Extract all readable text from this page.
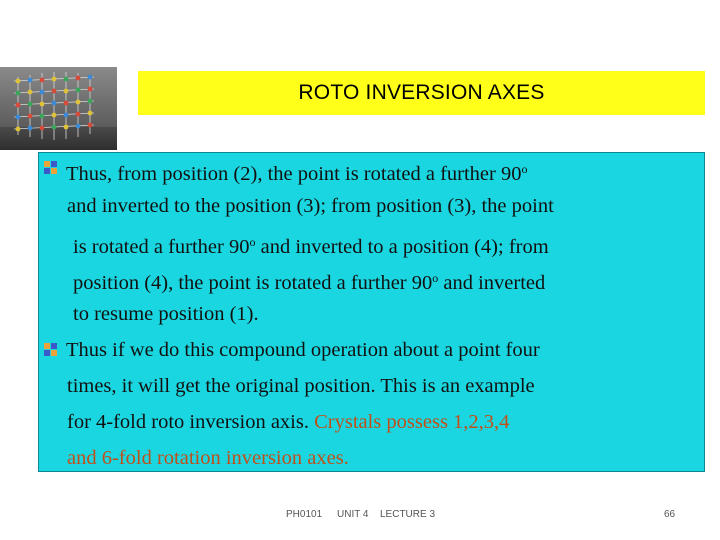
ROTO INVERSION AXES
Thus, from position (2), the point is rotated a further 90$^o$
and inverted to the position (3); from position (3), the point
is rotated a further 90$^o$ and inverted to a position (4); from
position (4), the point is rotated a further 90$^o$ and inverted
to resume position (1).
Thus if we do this compound operation about a point four
times, it will get the original position. This is an example
for 4-fold roto inversion axis. Crystals possess 1,2,3,4
and 6-fold rotation inversion axes.
PH0101 UNIT 4 LECTURE 3	66
